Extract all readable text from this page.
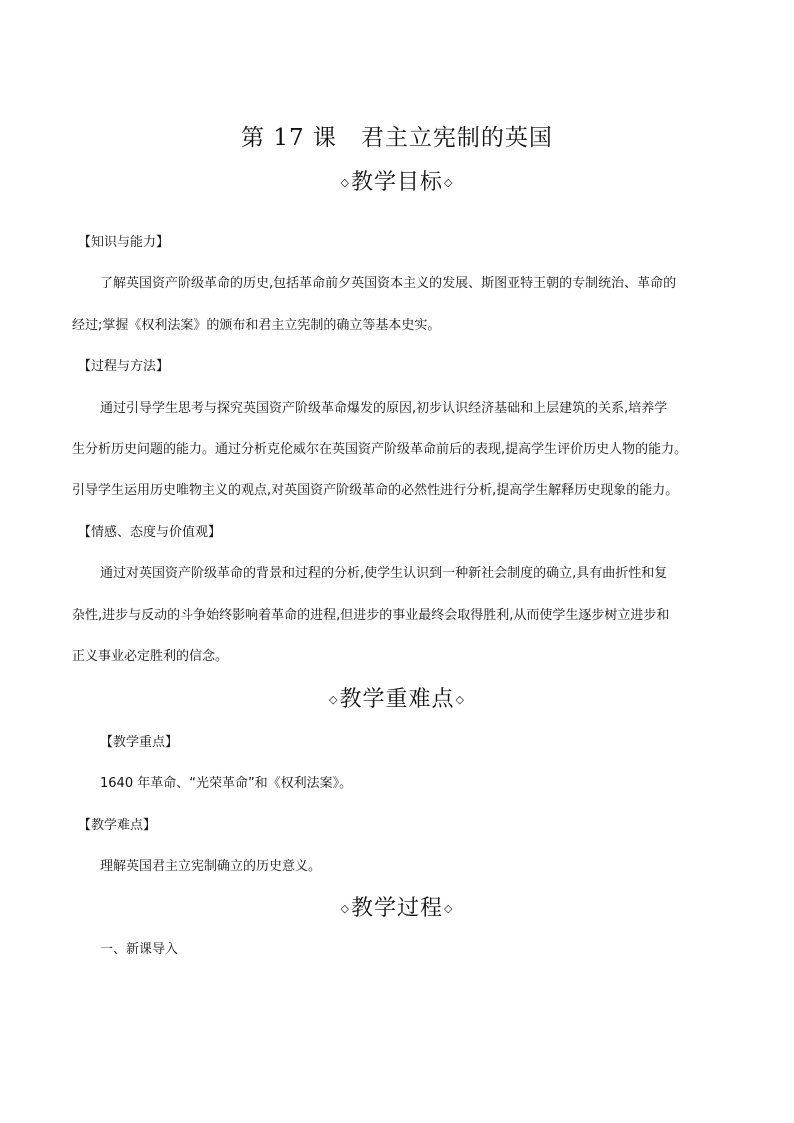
第 17 课　君主立宪制的英国
◇教学目标◇
【知识与能力】
了解英国资产阶级革命的历史,包括革命前夕英国资本主义的发展、斯图亚特王朝的专制统治、革命的
经过;掌握《权利法案》的颁布和君主立宪制的确立等基本史实。
【过程与方法】
通过引导学生思考与探究英国资产阶级革命爆发的原因,初步认识经济基础和上层建筑的关系,培养学
生分析历史问题的能力。通过分析克伦威尔在英国资产阶级革命前后的表现,提高学生评价历史人物的能力。
引导学生运用历史唯物主义的观点,对英国资产阶级革命的必然性进行分析,提高学生解释历史现象的能力。
【情感、态度与价值观】
通过对英国资产阶级革命的背景和过程的分析,使学生认识到一种新社会制度的确立,具有曲折性和复
杂性,进步与反动的斗争始终影响着革命的进程,但进步的事业最终会取得胜利,从而使学生逐步树立进步和
正义事业必定胜利的信念。
◇教学重难点◇
【教学重点】
1640 年革命、“光荣革命”和《权利法案》。
【教学难点】
理解英国君主立宪制确立的历史意义。
◇教学过程◇
一、新课导入
